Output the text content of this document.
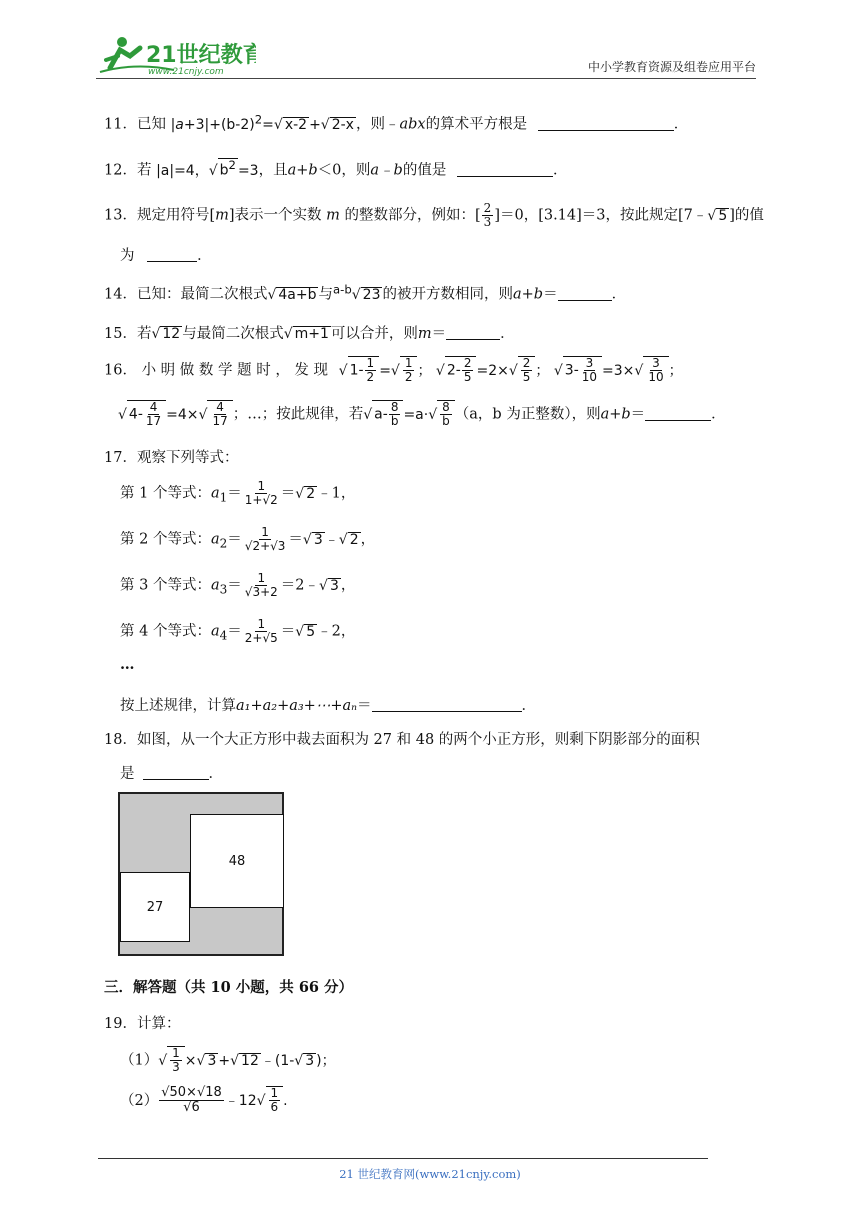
21世纪教育
www.21cnjy.com	中小学教育资源及组卷应用平台
11．已知 $|a+3|+(b-2)^2=√$ x-2 +√ 2-x ，则﹣abx的算术平方根是	．
12．若 |a|=4，√ $b^2 =3$，且a+b＜0，则a﹣b的值是	．
13．规定用符号[m]表示一个实数 m 的整数部分，例如：[ $\frac{2}{3} ]=0$，[3.14]＝3，按此规定[7﹣√ 5 ]的值
为	．
14．已知：最简二次根式√ 4a+b 与$^{a-b}$√ 23 的被开方数相同，则a+b＝	．
15．若√ 12 与最简二次根式√ m+1 可以合并，则m＝	．
16． 小 明 做 数 学 题 时 ， 发 现 √ $1- \frac{1}{2}$ =√ $\frac{1}{2}$ ； √ $2- \frac{2}{5} =2\times√ \frac{2}{5}$ ； √ $3- \frac{3}{10} =3\times√ \frac{3}{10}$ ；
√ $4- \frac{4}{17} =4\times√ \frac{4}{17}$ ；…；按此规律，若√ $a- \frac{8}{b} =a\cdot√ \frac{8}{b} (a$，b 为正整数），则a+b＝	．
17．观察下列等式：
第 1 个等式：$a_1= \frac{1}{1+√2}$ ＝√ 2 ﹣1，
第 2 个等式：$a_2= \frac{1}{√2+√3}$ ＝√ 3 ﹣√ 2 ，
第 3 个等式：$a_3= \frac{1}{√3+2}$ ＝2﹣√ 3 ，
第 4 个等式：$a_4= \frac{1}{2+√5}$ ＝√ 5 ﹣2，
…
按上述规律，计算a₁+a₂+a₃+⋯+aₙ＝	．
18．如图，从一个大正方形中裁去面积为 27 和 48 的两个小正方形，则剩下阴影部分的面积
是	．
48
27
三．解答题（共 10 小题，共 66 分）
19．计算：
$(1)√ \frac{1}{3}$ ×√ 3 +√ 12 ﹣(1-√ 3 )；
$(2) \frac{√50\times√18}{√6}$ ﹣12√ $\frac{1}{6}$ .
21 世纪教育网(www.21cnjy.com)
